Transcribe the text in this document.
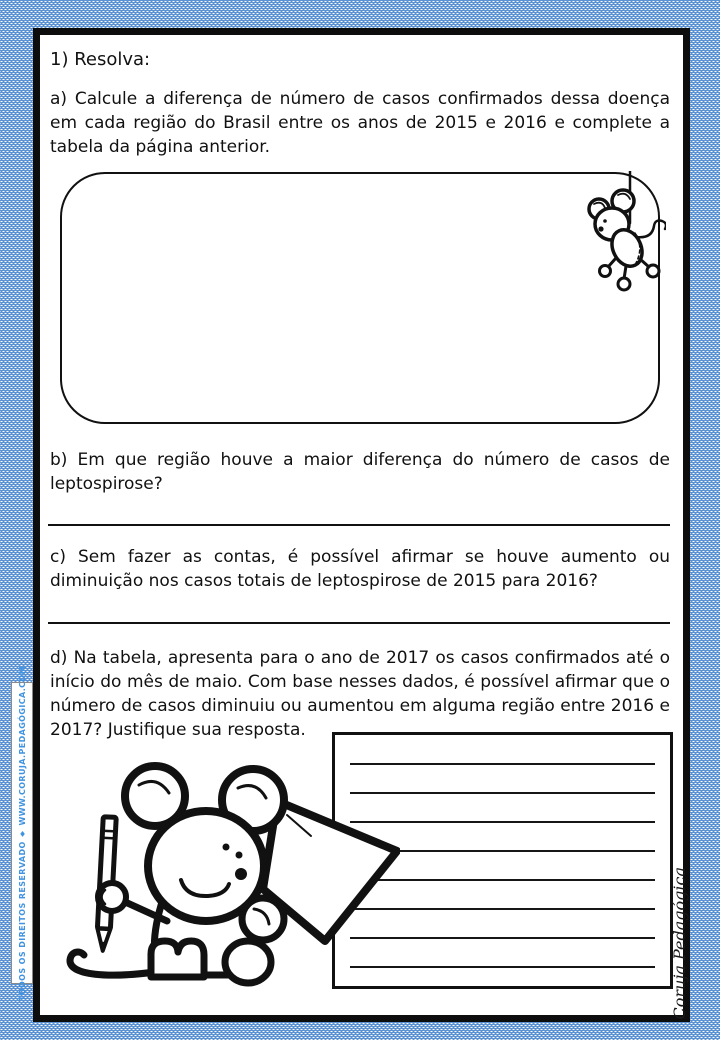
TODOS OS DIREITOS RESERVADO ♦ WWW.CORUJA.PEDAGÓGICA.COM
1) Resolva:
a) Calcule a diferença de número de casos confirmados dessa doença em cada região do Brasil entre os anos de 2015 e 2016 e complete a tabela da página anterior.
b) Em que região houve a maior diferença do número de casos de leptospirose?
c) Sem fazer as contas, é possível afirmar se houve aumento ou diminuição nos casos totais de leptospirose de 2015 para 2016?
d) Na tabela, apresenta para o ano de 2017 os casos confirmados até o início do mês de maio. Com base nesses dados, é possível afirmar que o número de casos diminuiu ou aumentou em alguma região entre 2016 e 2017? Justifique sua resposta.
Coruja Pedagógica
